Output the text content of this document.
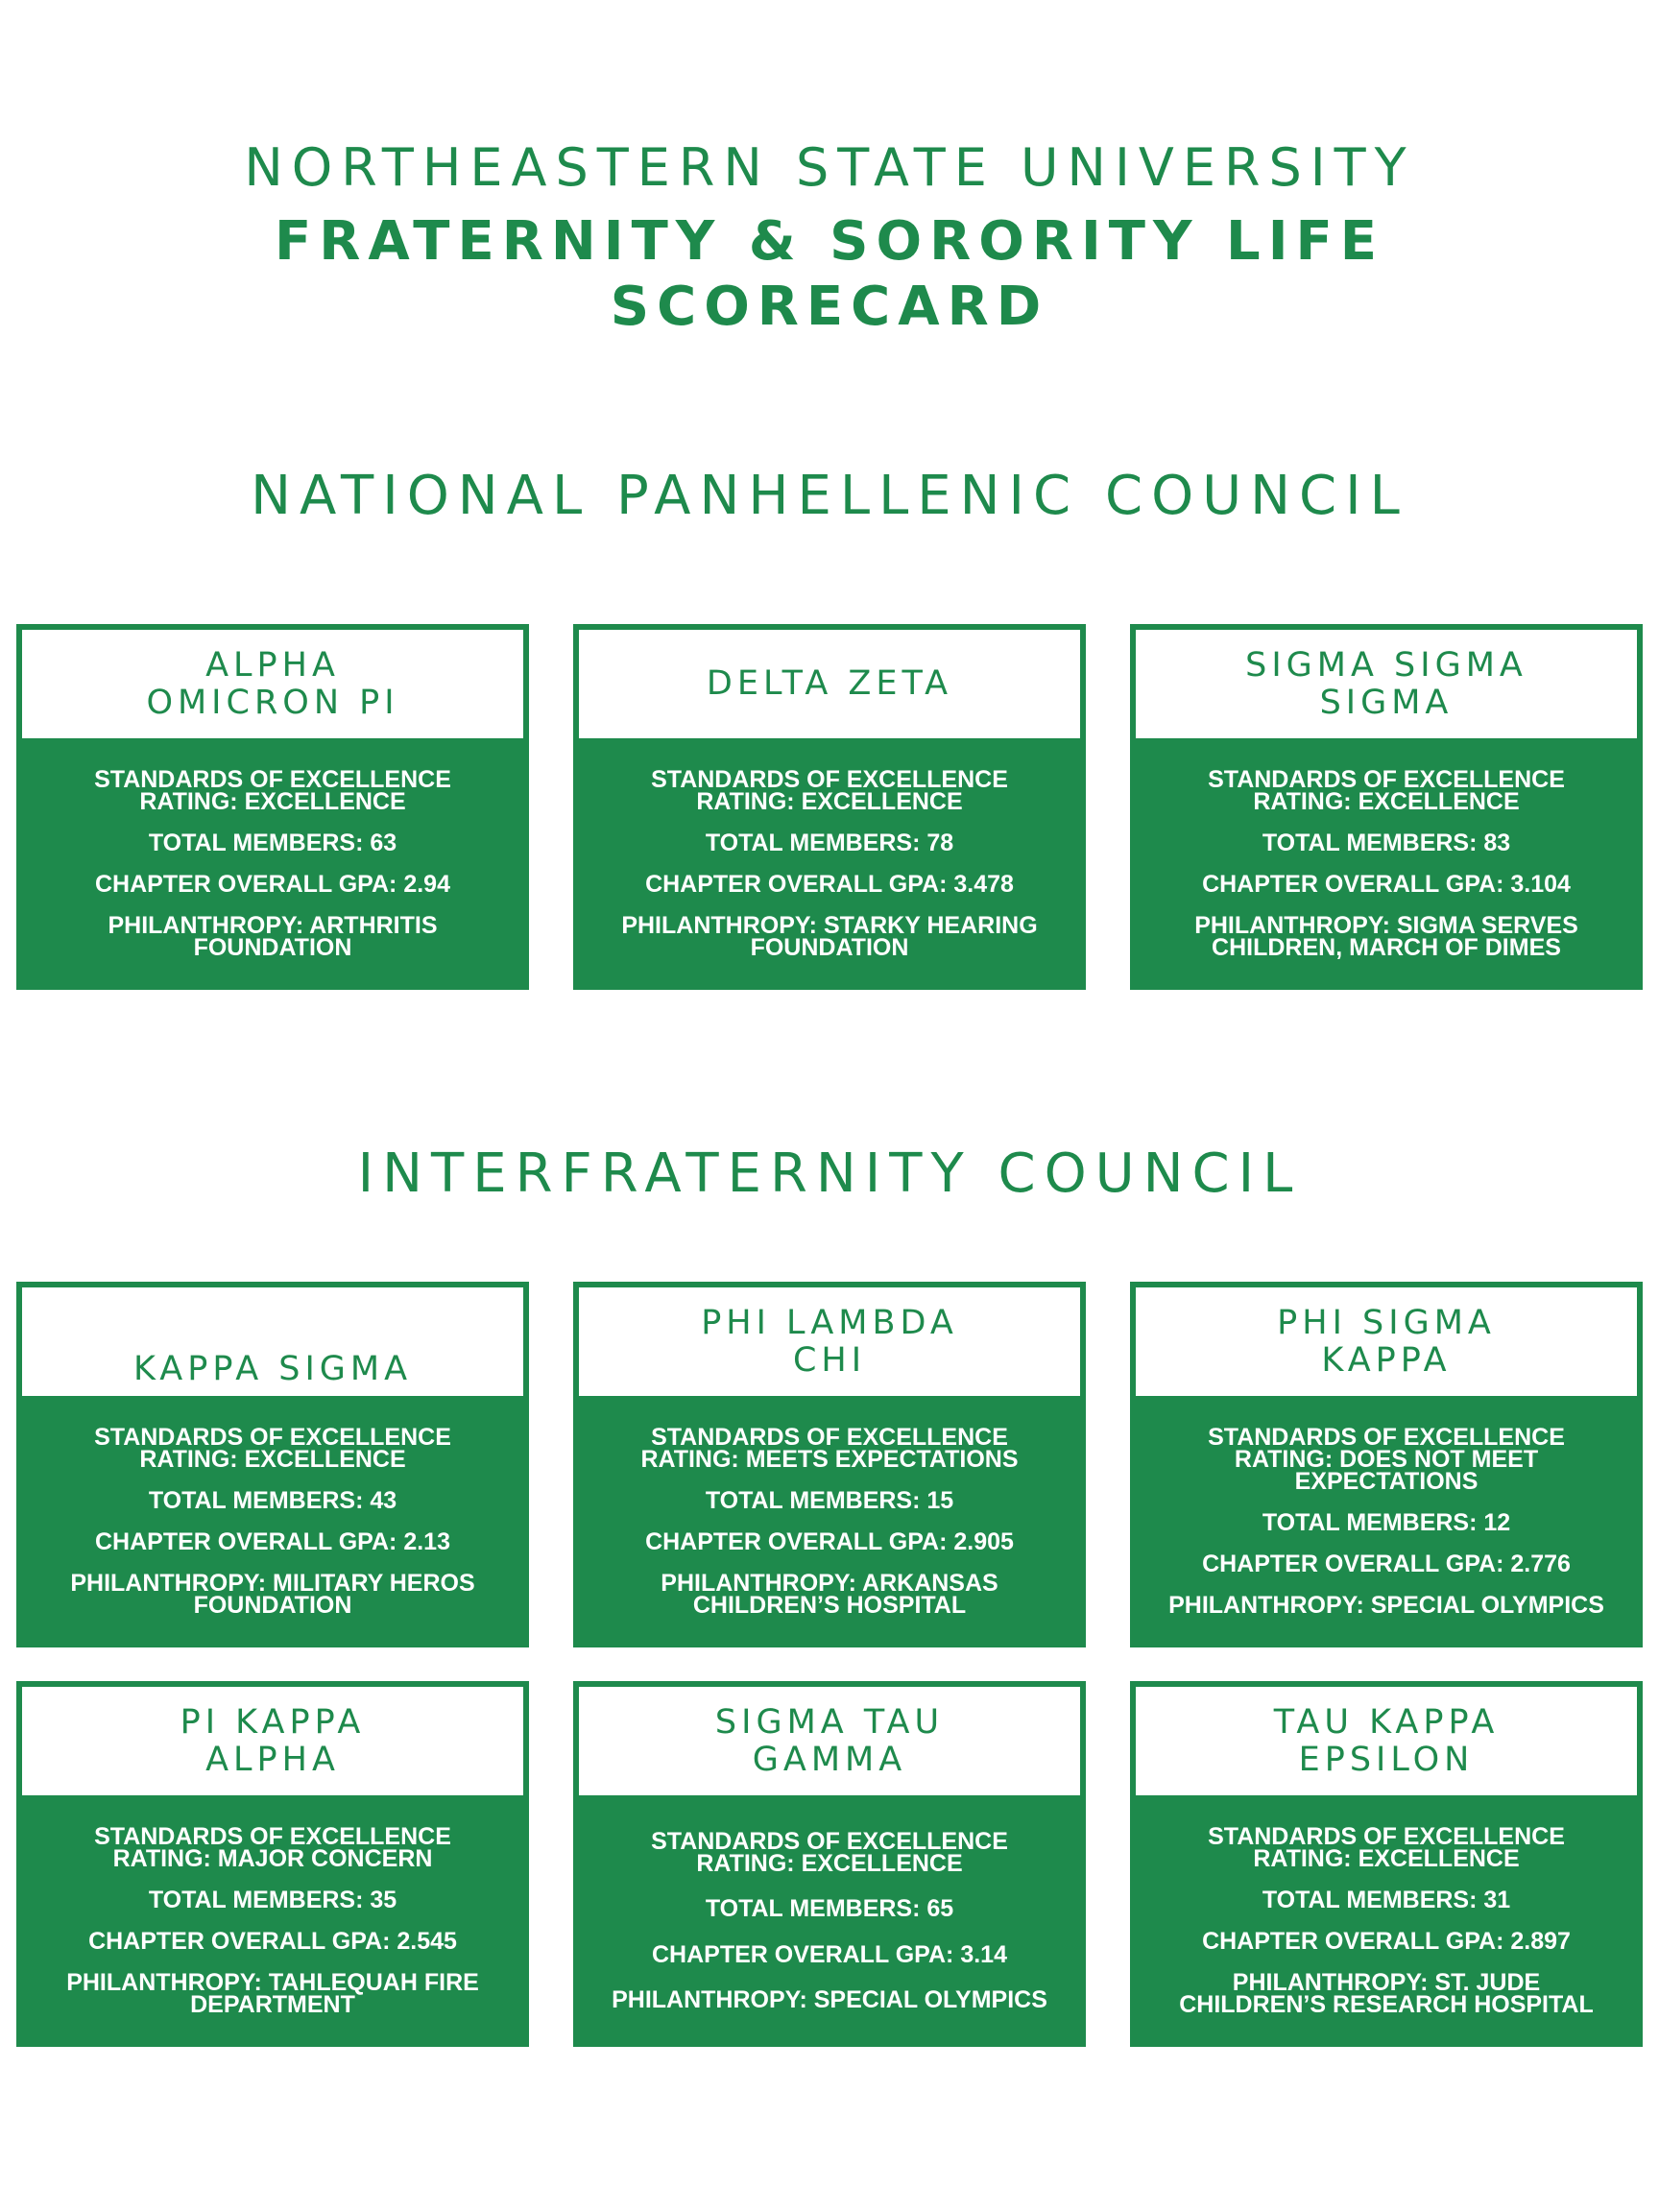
NORTHEASTERN STATE UNIVERSITY
FRATERNITY & SORORITY LIFE
SCORECARD
NATIONAL PANHELLENIC COUNCIL
INTERFRATERNITY COUNCIL
ALPHA
OMICRON PI
STANDARDS OF EXCELLENCE
RATING: EXCELLENCE
TOTAL MEMBERS: 63
CHAPTER OVERALL GPA: 2.94
PHILANTHROPY: ARTHRITIS
FOUNDATION
DELTA ZETA
STANDARDS OF EXCELLENCE
RATING: EXCELLENCE
TOTAL MEMBERS: 78
CHAPTER OVERALL GPA: 3.478
PHILANTHROPY: STARKY HEARING
FOUNDATION
SIGMA SIGMA
SIGMA
STANDARDS OF EXCELLENCE
RATING: EXCELLENCE
TOTAL MEMBERS: 83
CHAPTER OVERALL GPA: 3.104
PHILANTHROPY: SIGMA SERVES
CHILDREN, MARCH OF DIMES
KAPPA SIGMA
STANDARDS OF EXCELLENCE
RATING: EXCELLENCE
TOTAL MEMBERS: 43
CHAPTER OVERALL GPA: 2.13
PHILANTHROPY: MILITARY HEROS
FOUNDATION
PHI LAMBDA
CHI
STANDARDS OF EXCELLENCE
RATING: MEETS EXPECTATIONS
TOTAL MEMBERS: 15
CHAPTER OVERALL GPA: 2.905
PHILANTHROPY: ARKANSAS
CHILDREN’S HOSPITAL
PHI SIGMA
KAPPA
STANDARDS OF EXCELLENCE
RATING: DOES NOT MEET
EXPECTATIONS
TOTAL MEMBERS: 12
CHAPTER OVERALL GPA: 2.776
PHILANTHROPY: SPECIAL OLYMPICS
PI KAPPA
ALPHA
STANDARDS OF EXCELLENCE
RATING: MAJOR CONCERN
TOTAL MEMBERS: 35
CHAPTER OVERALL GPA: 2.545
PHILANTHROPY: TAHLEQUAH FIRE
DEPARTMENT
SIGMA TAU
GAMMA
STANDARDS OF EXCELLENCE
RATING: EXCELLENCE
TOTAL MEMBERS: 65
CHAPTER OVERALL GPA: 3.14
PHILANTHROPY: SPECIAL OLYMPICS
TAU KAPPA
EPSILON
STANDARDS OF EXCELLENCE
RATING: EXCELLENCE
TOTAL MEMBERS: 31
CHAPTER OVERALL GPA: 2.897
PHILANTHROPY: ST. JUDE
CHILDREN’S RESEARCH HOSPITAL
